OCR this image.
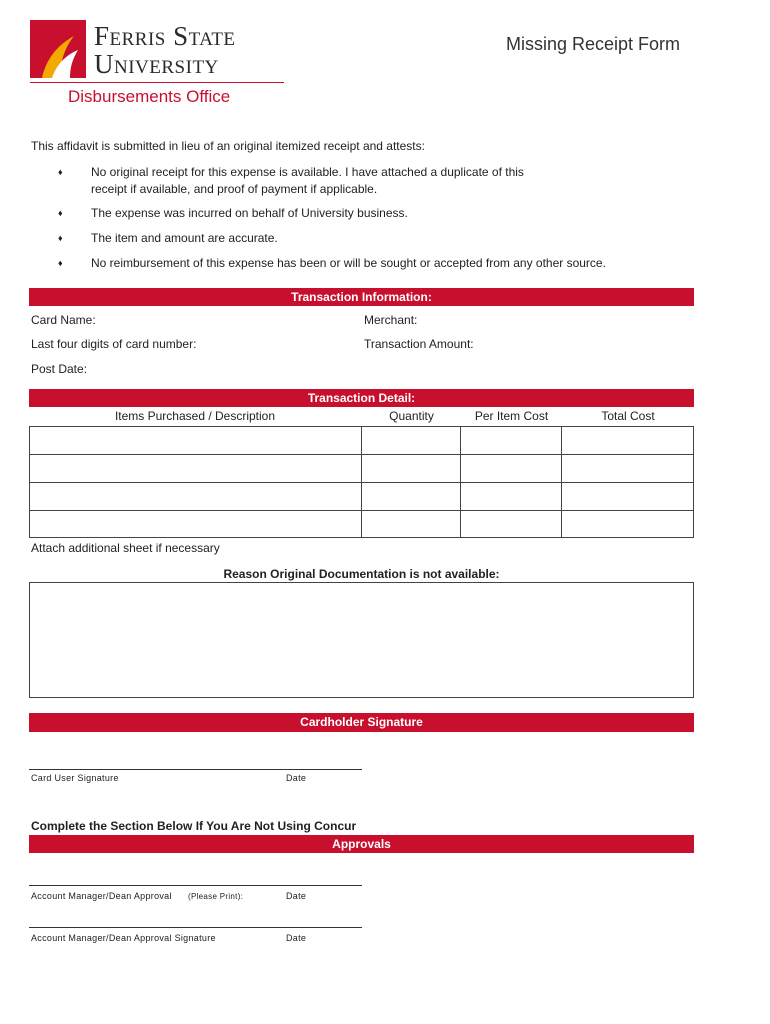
Ferris State
University
Disbursements Office
Missing Receipt Form
This affidavit is submitted in lieu of an original itemized receipt and attests:
♦ No original receipt for this expense is available. I have attached a duplicate of this receipt if available, and proof of payment if applicable.
♦ The expense was incurred on behalf of University business.
♦ The item and amount are accurate.
♦ No reimbursement of this expense has been or will be sought or accepted from any other source.
Transaction Information:
Card Name:	Merchant:
Last four digits of card number:	Transaction Amount:
Post Date:
Transaction Detail:
Items Purchased / Description	Quantity	Per Item Cost	Total Cost
Attach additional sheet if necessary
Reason Original Documentation is not available:
Cardholder Signature
Card User Signature	Date
Complete the Section Below If You Are Not Using Concur
Approvals
Account Manager/Dean Approval (Please Print):	Date
Account Manager/Dean Approval Signature	Date
